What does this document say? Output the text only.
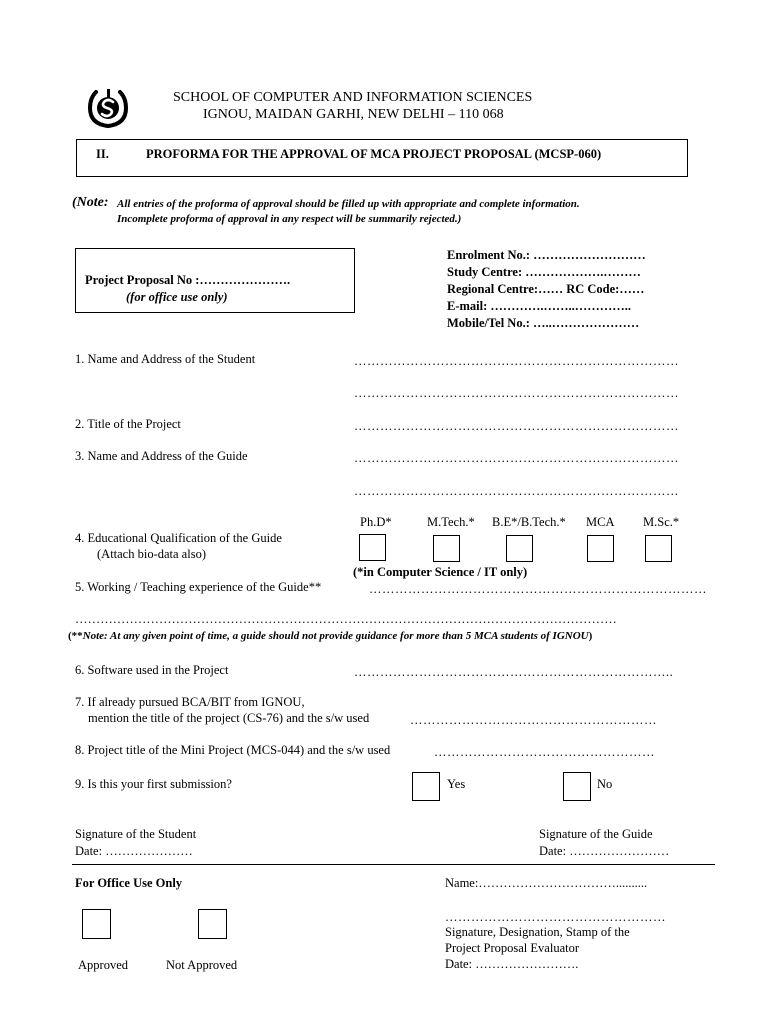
SCHOOL OF COMPUTER AND INFORMATION SCIENCES
IGNOU, MAIDAN GARHI, NEW DELHI – 110 068
II.	PROFORMA FOR THE APPROVAL OF MCA PROJECT PROPOSAL (MCSP-060)
(Note: All entries of the proforma of approval should be filled up with appropriate and complete information.
Incomplete proforma of approval in any respect will be summarily rejected.)
Project Proposal No :………………….
(for office use only)
Enrolment No.: ………………………
Study Centre: ……………….………
Regional Centre:…… RC Code:……
E-mail: ………….……..…………..
Mobile/Tel No.: …..…………………
1. Name and Address of the Student	…………………………………………………………………
…………………………………………………………………
2. Title of the Project	…………………………………………………………………
3. Name and Address of the Guide	…………………………………………………………………
…………………………………………………………………
Ph.D*	M.Tech.* B.E*/B.Tech.* MCA M.Sc.*
4. Educational Qualification of the Guide
(Attach bio-data also)
(*in Computer Science / IT only)
5. Working / Teaching experience of the Guide**	……………………………………………………………………
…………………………………………………………………………………………………………………
(**Note: At any given point of time, a guide should not provide guidance for more than 5 MCA students of IGNOU)
6. Software used in the Project	………………………………………………………………..
7. If already pursued BCA/BIT from IGNOU,
mention the title of the project (CS-76) and the s/w used	…………………………………………………
8. Project title of the Mini Project (MCS-044) and the s/w used	……………………………………………
9. Is this your first submission?	Yes	No
Signature of the Student
Date: …………………
Signature of the Guide
Date: ……………………
For Office Use Only	Name:……………………………..........
……………………………………………
Signature, Designation, Stamp of the
Project Proposal Evaluator
Date: …………………….
Approved	Not Approved
